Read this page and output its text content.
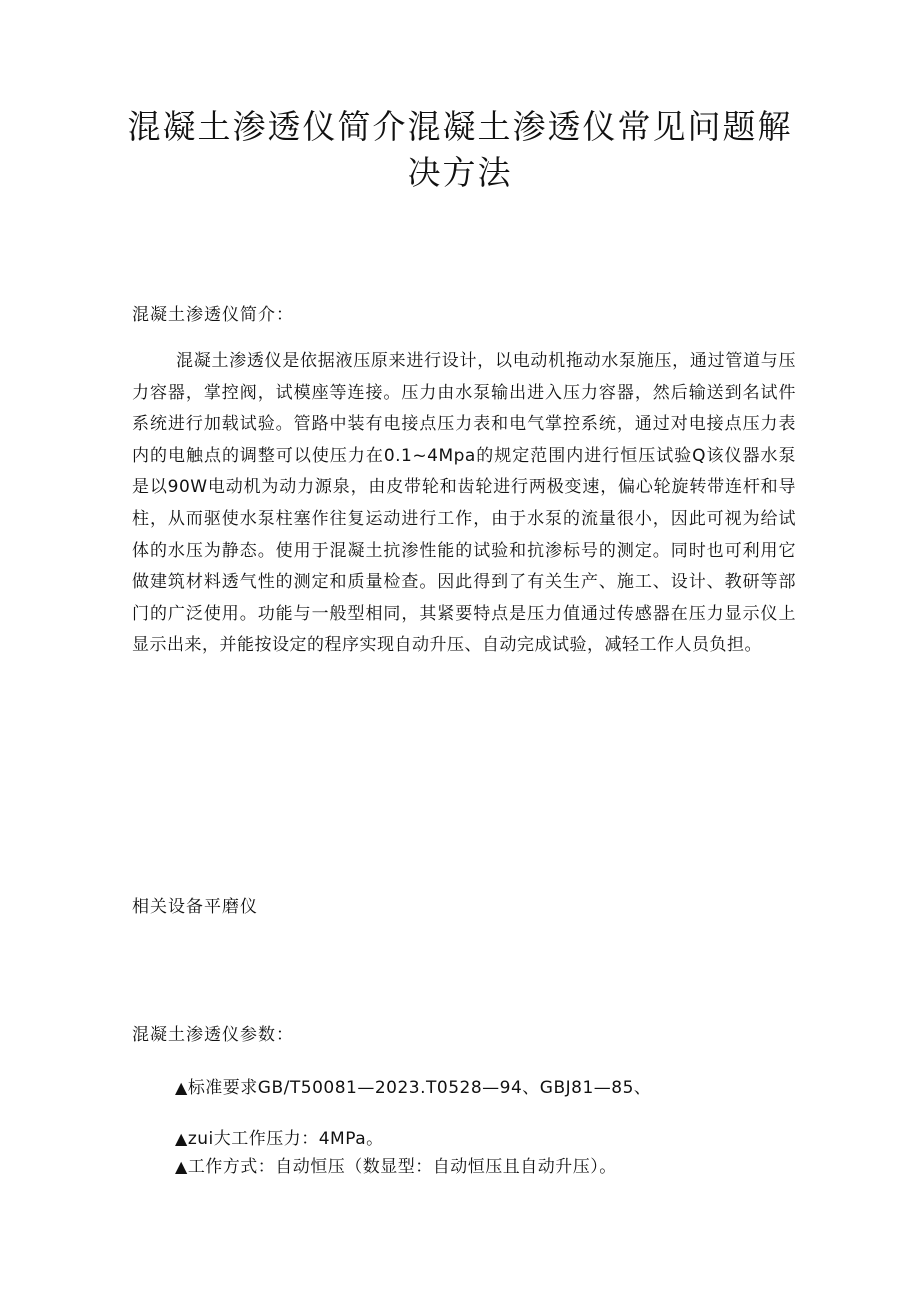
混凝土渗透仪简介混凝土渗透仪常见问题解
决方法
混凝土渗透仪简介：

混凝土渗透仪是依据液压原来进行设计，以电动机拖动水泵施压，通过管道与压力容器，掌控阀，试模座等连接。压力由水泵输出进入压力容器，然后输送到名试件系统进行加载试验。管路中装有电接点压力表和电气掌控系统，通过对电接点压力表内的电触点的调整可以使压力在0.1~4Mpa的规定范围内进行恒压试验Q该仪器水泵是以90W电动机为动力源泉，由皮带轮和齿轮进行两极变速，偏心轮旋转带连杆和导柱，从而驱使水泵柱塞作往复运动进行工作，由于水泵的流量很小，因此可视为给试体的水压为静态。使用于混凝土抗渗性能的试验和抗渗标号的测定。同时也可利用它做建筑材料透气性的测定和质量检查。因此得到了有关生产、施工、设计、教研等部门的广泛使用。功能与一般型相同，其紧要特点是压力值通过传感器在压力显示仪上显示出来，并能按设定的程序实现自动升压、自动完成试验，减轻工作人员负担。

相关设备平磨仪
混凝土渗透仪参数：
▲标准要求GB/T50081—2023.T0528—94、GBJ81—85、
▲zui大工作压力：4MPa。
▲工作方式：自动恒压（数显型：自动恒压且自动升压）。
